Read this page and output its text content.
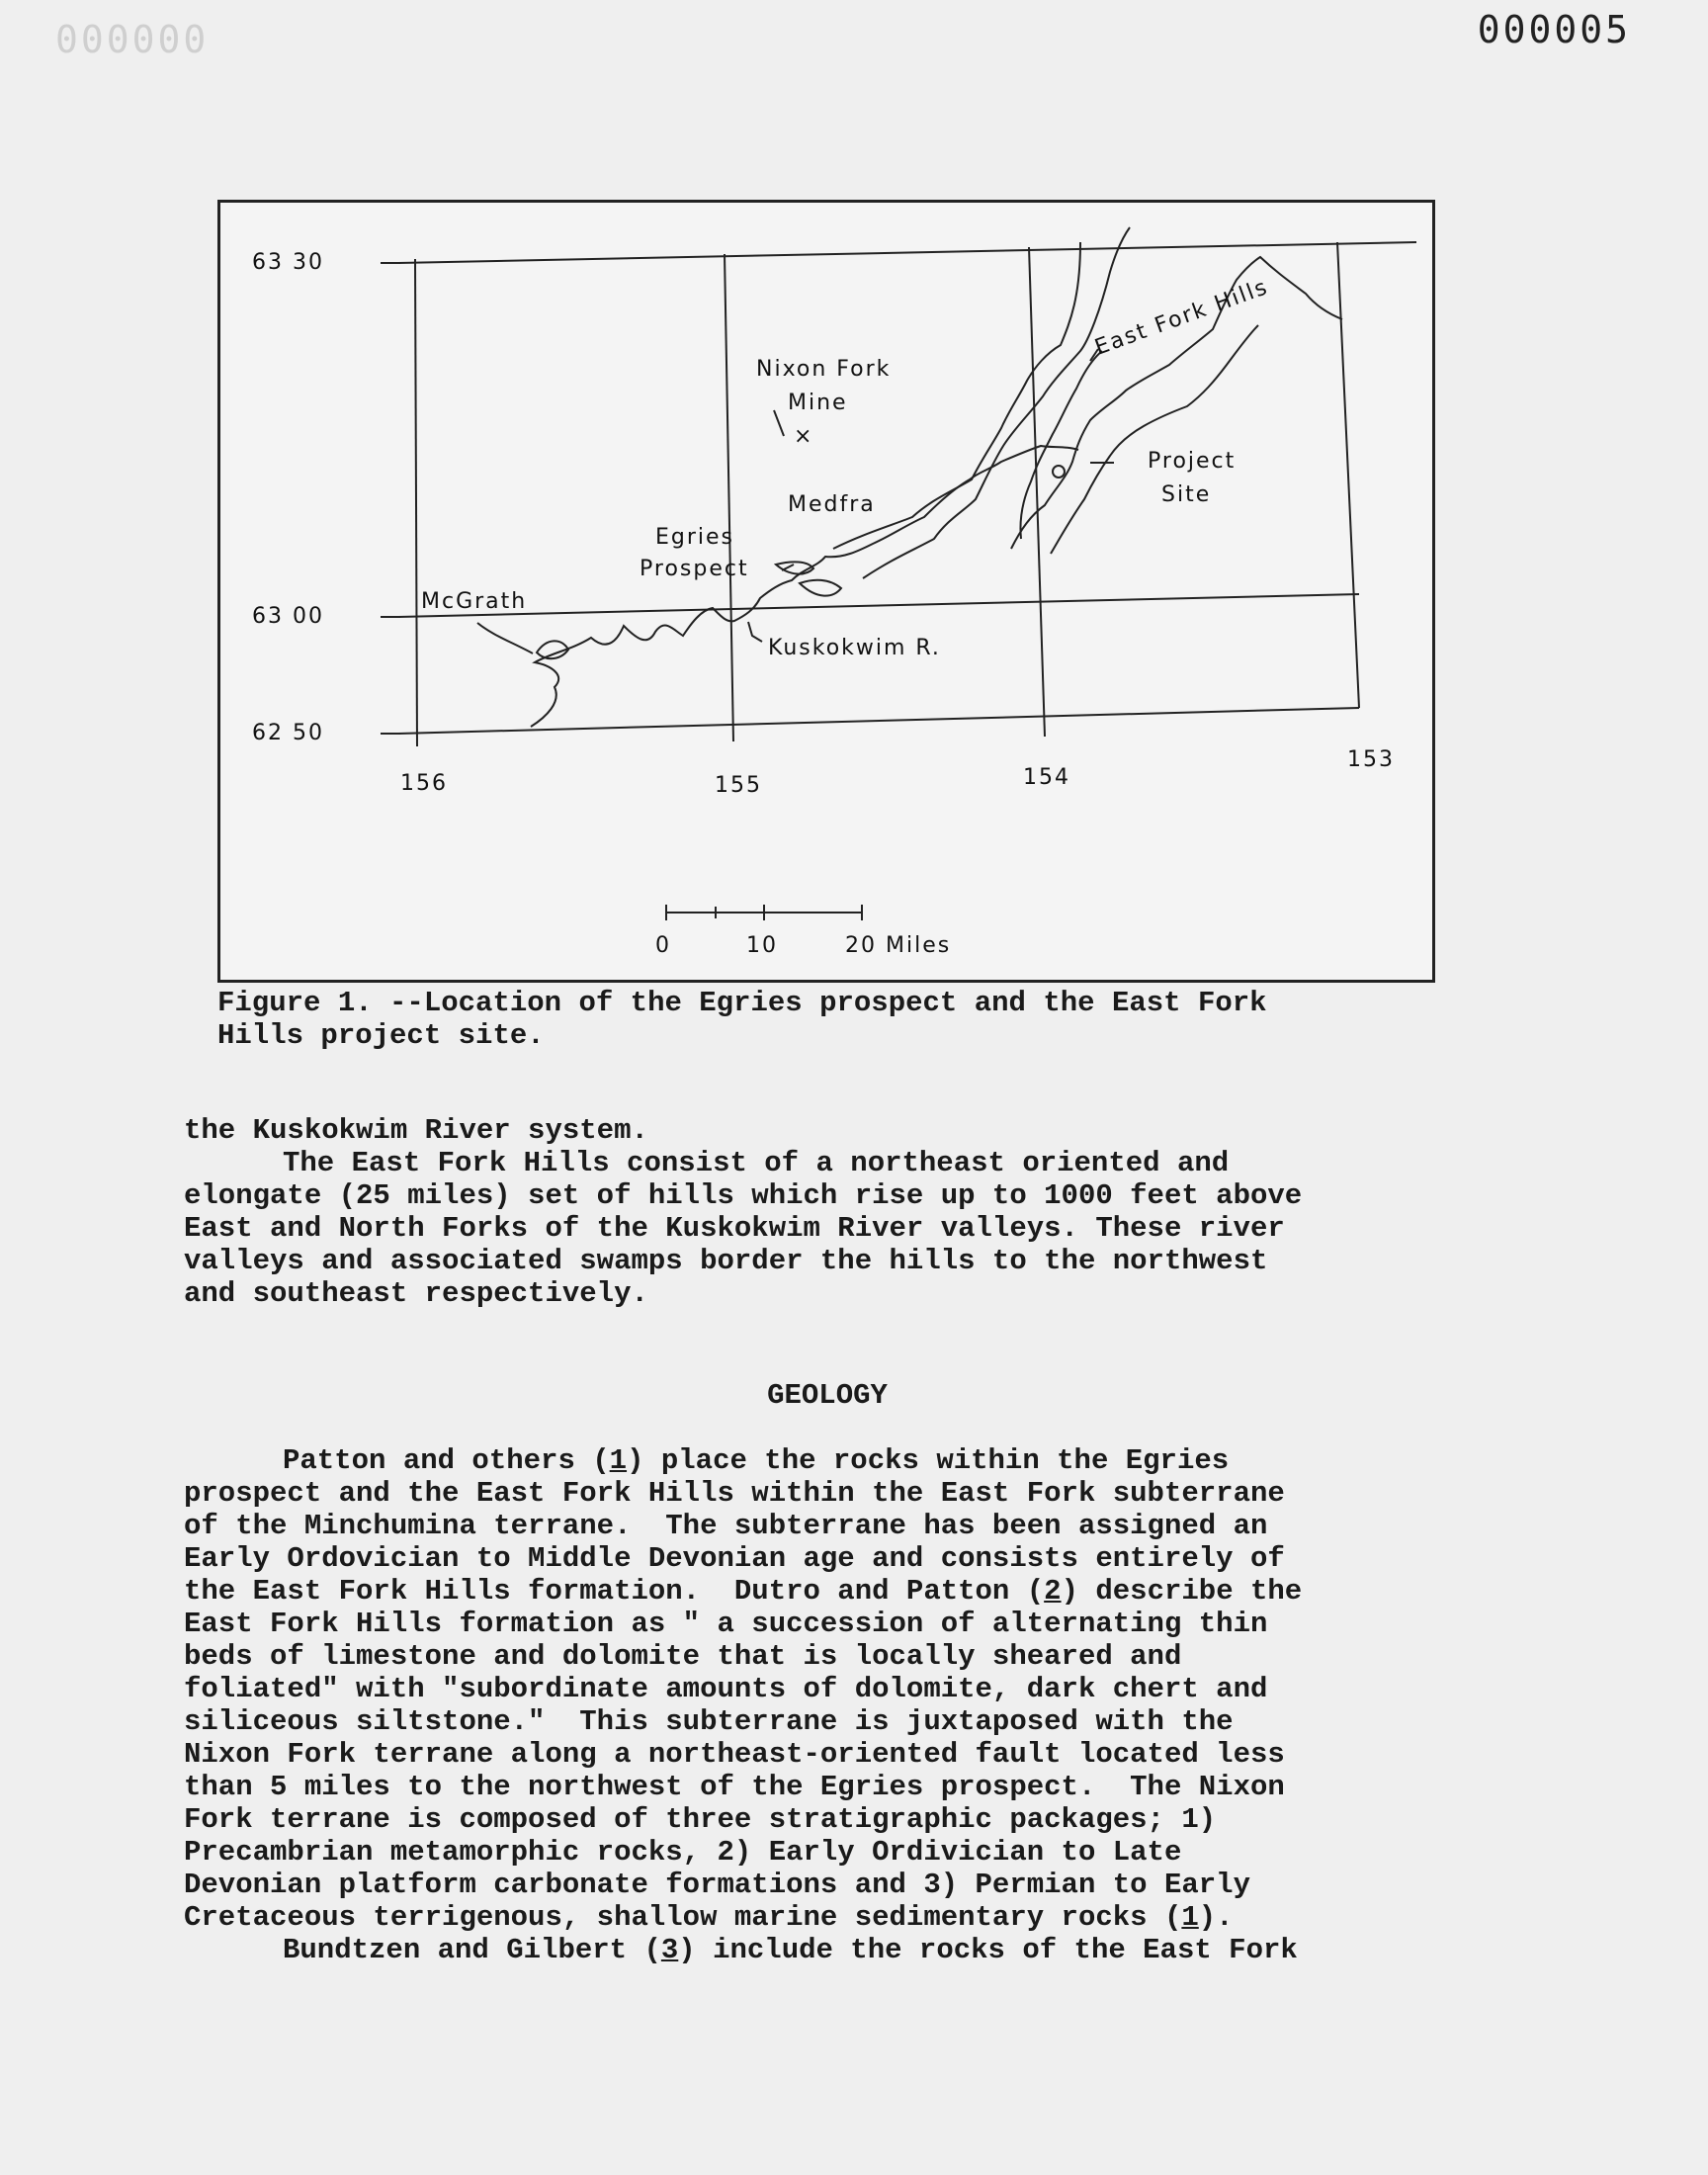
000000	000005
×
63 30
63 00
62 50
156	155	154
153
Nixon Fork
Mine
Medfra
Egries
Prospect
McGrath
Kuskokwim R.
East Fork Hills
Project
Site
0	10	20 Miles

Figure 1. --Location of the Egries prospect and the East Fork
Hills project site.

the Kuskokwim River system.

The East Fork Hills consist of a northeast oriented and
elongate (25 miles) set of hills which rise up to 1000 feet above
East and North Forks of the Kuskokwim River valleys. These river
valleys and associated swamps border the hills to the northwest
and southeast respectively.

GEOLOGY

Patton and others (1) place the rocks within the Egries
prospect and the East Fork Hills within the East Fork subterrane
of the Minchumina terrane.  The subterrane has been assigned an
Early Ordovician to Middle Devonian age and consists entirely of
the East Fork Hills formation.  Dutro and Patton (2) describe the
East Fork Hills formation as " a succession of alternating thin
beds of limestone and dolomite that is locally sheared and
foliated" with "subordinate amounts of dolomite, dark chert and
siliceous siltstone."  This subterrane is juxtaposed with the
Nixon Fork terrane along a northeast-oriented fault located less
than 5 miles to the northwest of the Egries prospect.  The Nixon
Fork terrane is composed of three stratigraphic packages; 1)
Precambrian metamorphic rocks, 2) Early Ordivician to Late
Devonian platform carbonate formations and 3) Permian to Early
Cretaceous terrigenous, shallow marine sedimentary rocks (1).

Bundtzen and Gilbert (3) include the rocks of the East Fork
